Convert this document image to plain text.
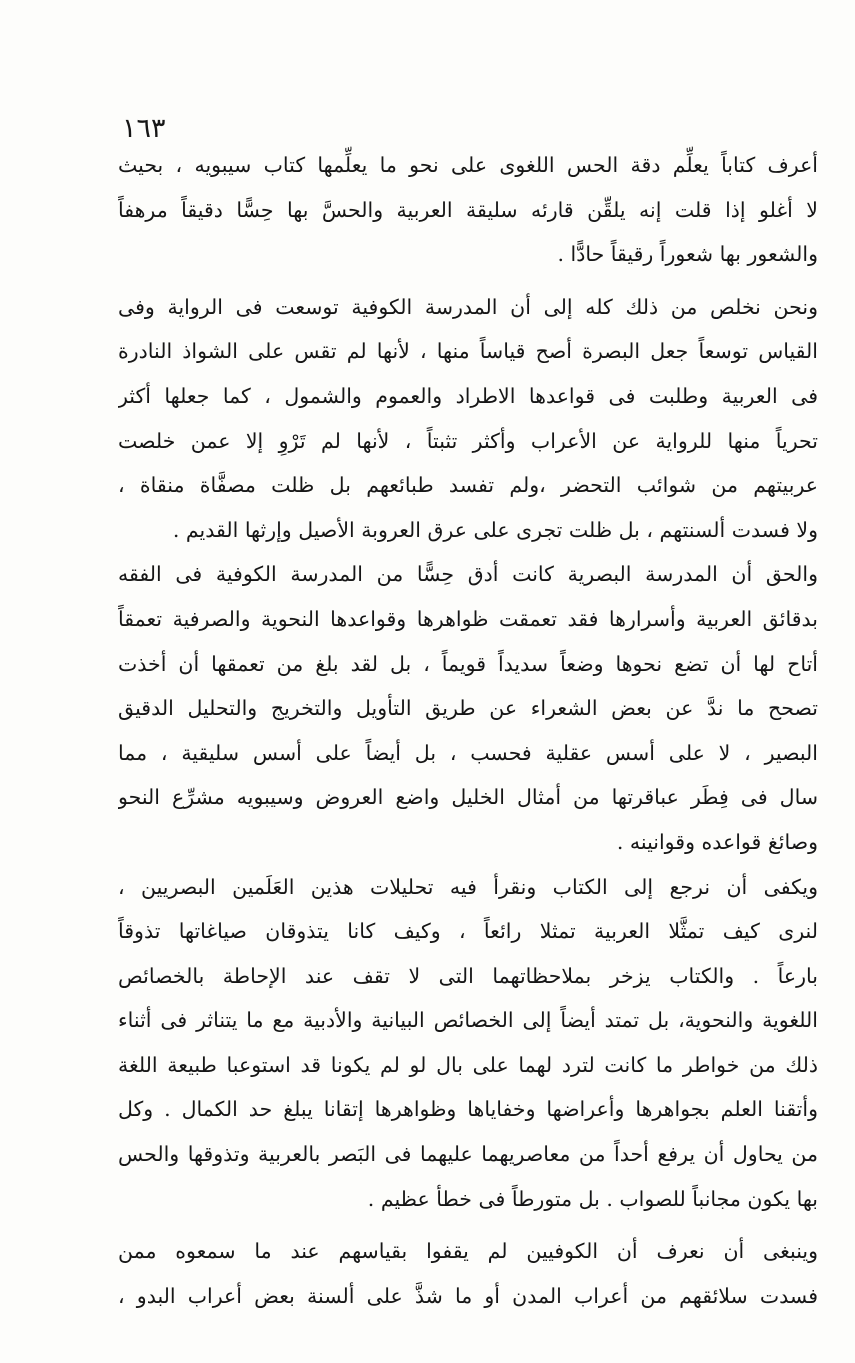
١٦٣

أعرف كتاباً يعلِّم دقة الحس اللغوى على نحو ما يعلِّمها كتاب سيبويه ، بحيث
لا أغلو إذا قلت إنه يلقِّن قارئه سليقة العربية والحسَّ بها حِسًّا دقيقاً مرهفاً
والشعور بها شعوراً رقيقاً حادًّا .

ونحن نخلص من ذلك كله إلى أن المدرسة الكوفية توسعت فى الرواية وفى
القياس توسعاً جعل البصرة أصح قياساً منها ، لأنها لم تقس على الشواذ النادرة
فى العربية وطلبت فى قواعدها الاطراد والعموم والشمول ، كما جعلها أكثر
تحرياً منها للرواية عن الأعراب وأكثر تثبتاً ، لأنها لم تَرْوِ إلا عمن خلصت
عربيتهم من شوائب التحضر ،ولم تفسد طبائعهم بل ظلت مصفَّاة منقاة ،
ولا فسدت ألسنتهم ، بل ظلت تجرى على عرق العروبة الأصيل وإرثها القديم .

والحق أن المدرسة البصرية كانت أدق حِسًّا من المدرسة الكوفية فى الفقه
بدقائق العربية وأسرارها فقد تعمقت ظواهرها وقواعدها النحوية والصرفية تعمقاً
أتاح لها أن تضع نحوها وضعاً سديداً قويماً ، بل لقد بلغ من تعمقها أن أخذت
تصحح ما ندَّ عن بعض الشعراء عن طريق التأويل والتخريج والتحليل الدقيق
البصير ، لا على أسس عقلية فحسب ، بل أيضاً على أسس سليقية ، مما
سال فى فِطَر عباقرتها من أمثال الخليل واضع العروض وسيبويه مشرِّع النحو
وصائغ قواعده وقوانينه .

ويكفى أن نرجع إلى الكتاب ونقرأ فيه تحليلات هذين العَلَمين البصريين ،
لنرى كيف تمثَّلا العربية تمثلا رائعاً ، وكيف كانا يتذوقان صياغاتها تذوقاً
بارعاً . والكتاب يزخر بملاحظاتهما التى لا تقف عند الإحاطة بالخصائص
اللغوية والنحوية، بل تمتد أيضاً إلى الخصائص البيانية والأدبية مع ما يتناثر فى أثناء
ذلك من خواطر ما كانت لترد لهما على بال لو لم يكونا قد استوعبا طبيعة اللغة
وأتقنا العلم بجواهرها وأعراضها وخفاياها وظواهرها إتقانا يبلغ حد الكمال . وكل
من يحاول أن يرفع أحداً من معاصريهما عليهما فى البَصر بالعربية وتذوقها والحس
بها يكون مجانباً للصواب . بل متورطاً فى خطأ عظيم .

وينبغى أن نعرف أن الكوفيين لم يقفوا بقياسهم عند ما سمعوه ممن
فسدت سلائقهم من أعراب المدن أو ما شذَّ على ألسنة بعض أعراب البدو ،
